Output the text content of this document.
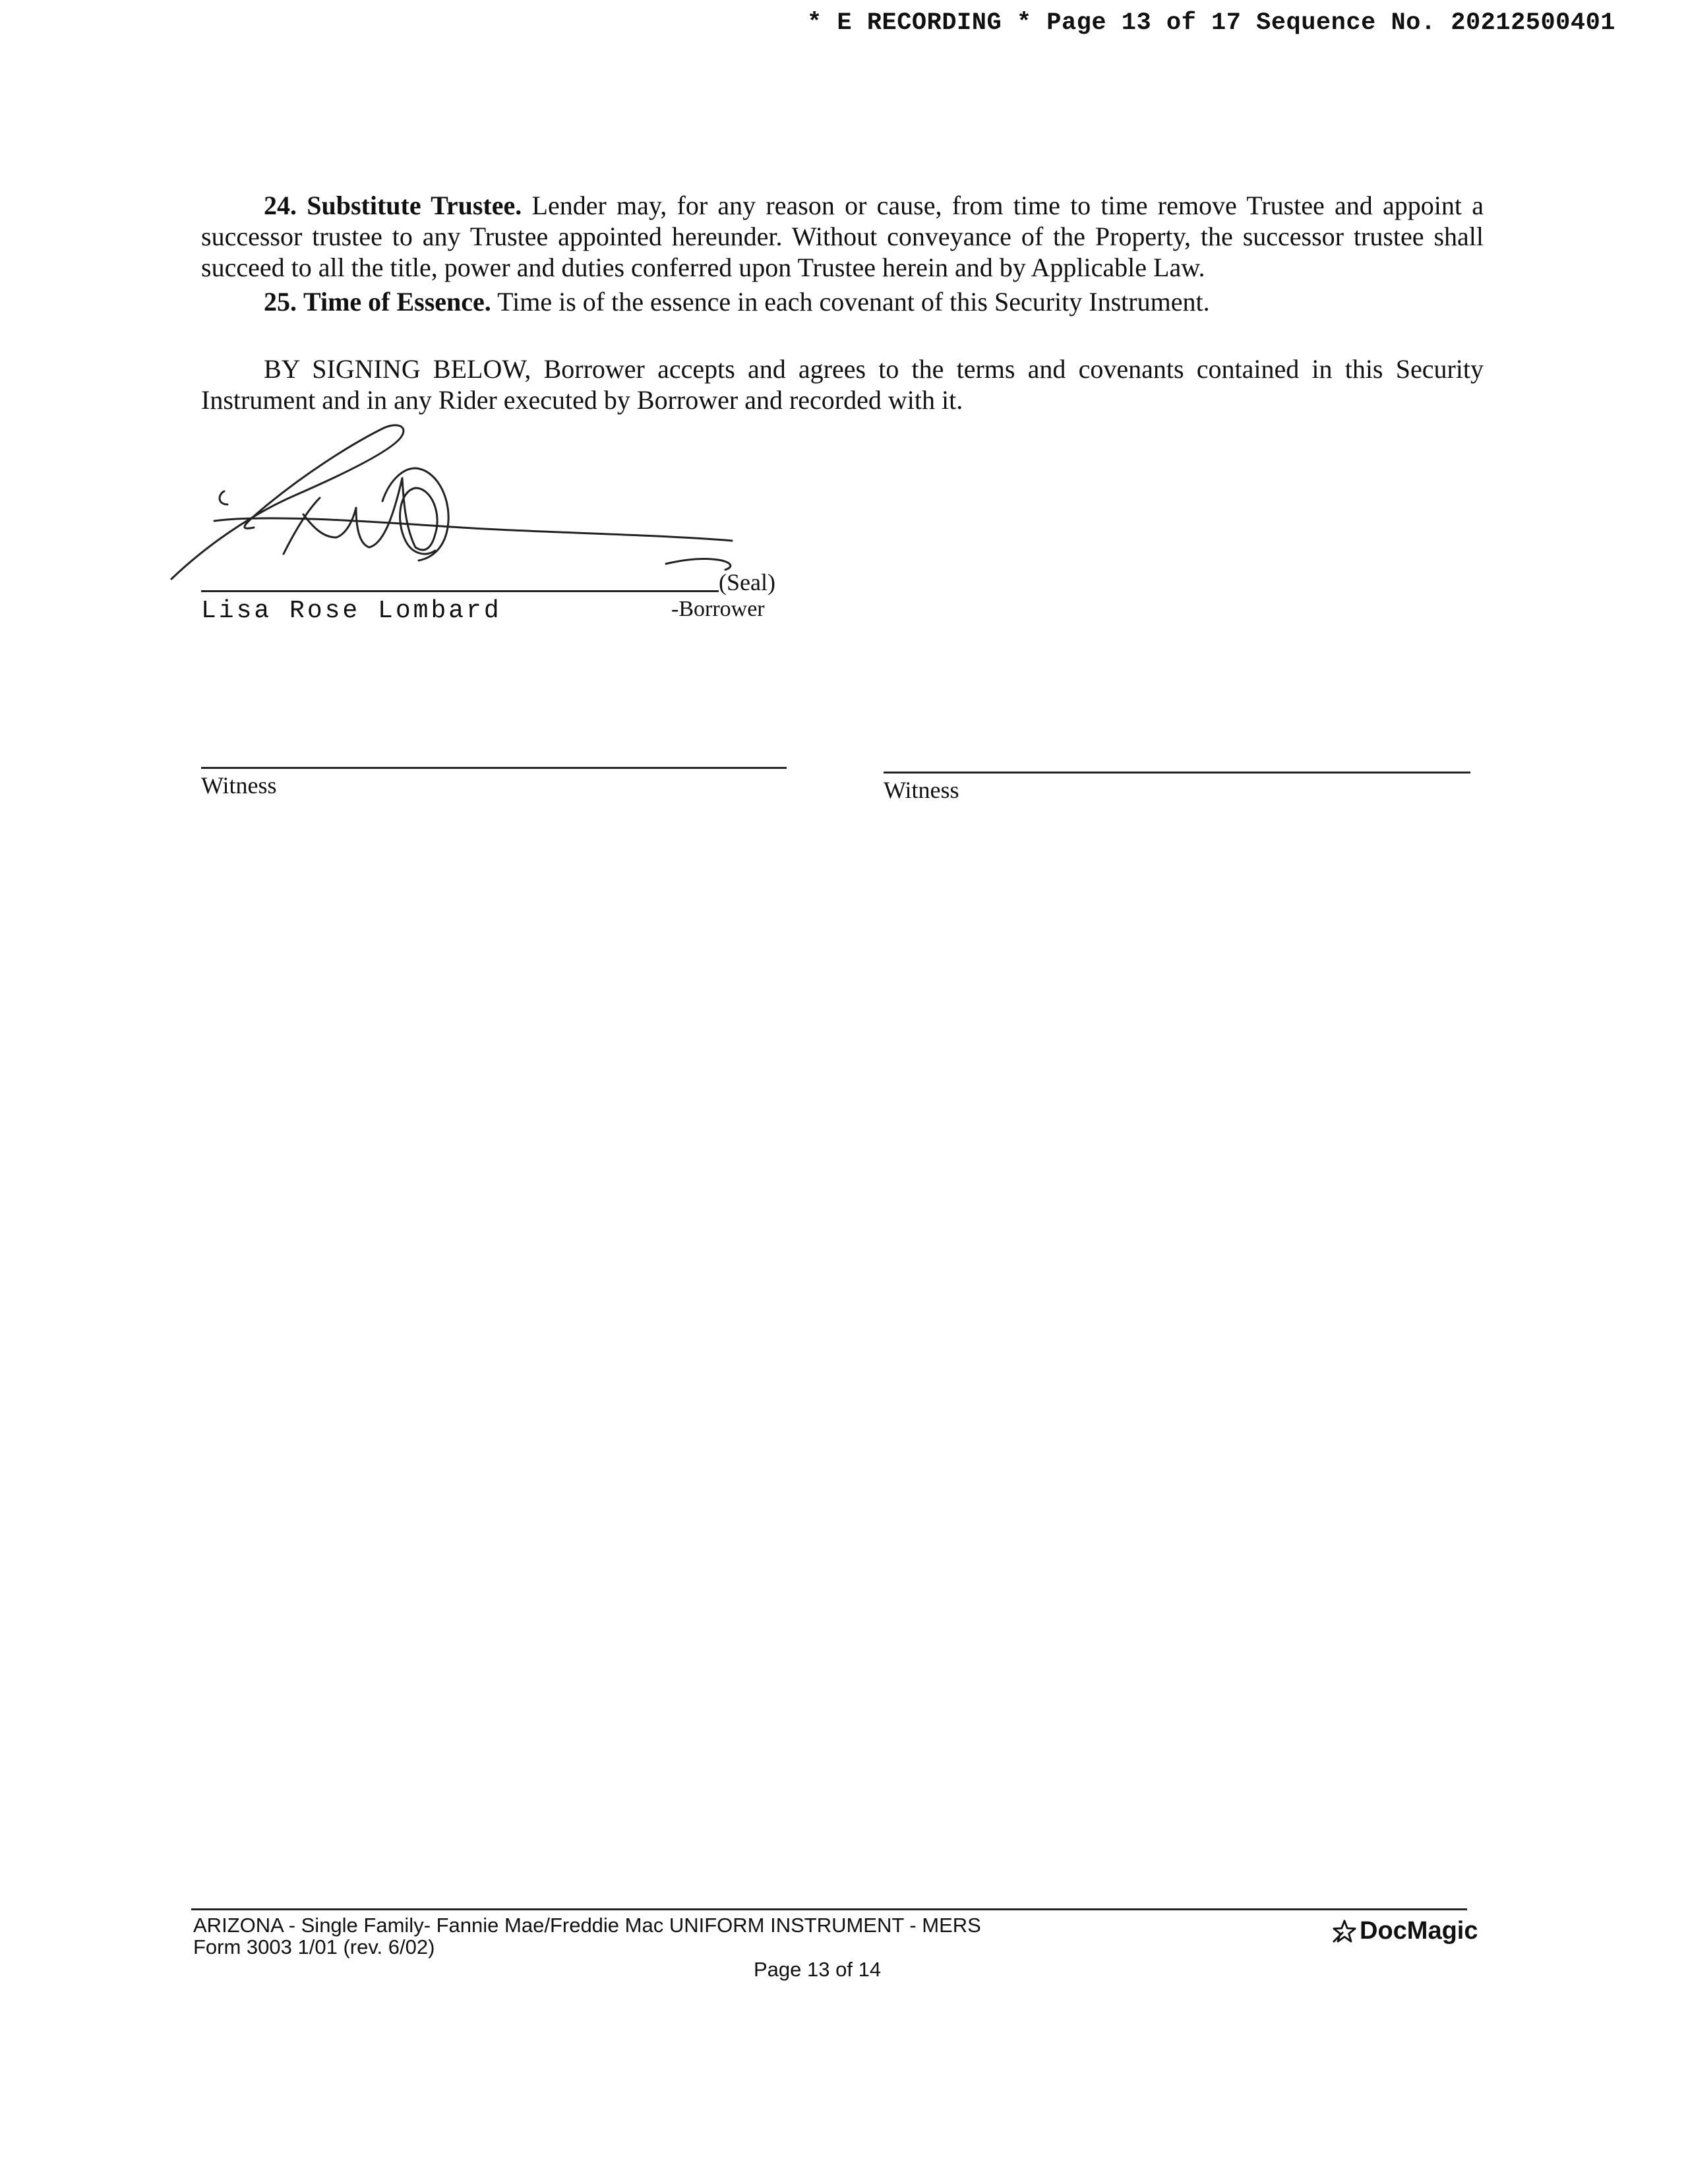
* E RECORDING * Page 13 of 17 Sequence No. 20212500401

24. Substitute Trustee. Lender may, for any reason or cause, from time to time remove Trustee and appoint a successor trustee to any Trustee appointed hereunder. Without conveyance of the Property, the successor trustee shall succeed to all the title, power and duties conferred upon Trustee herein and by Applicable Law.

25. Time of Essence. Time is of the essence in each covenant of this Security Instrument.

BY SIGNING BELOW, Borrower accepts and agrees to the terms and covenants contained in this Security Instrument and in any Rider executed by Borrower and recorded with it.

(Seal)
Lisa Rose Lombard	-Borrower
Witness	Witness
ARIZONA - Single Family- Fannie Mae/Freddie Mac UNIFORM INSTRUMENT - MERS
Form 3003 1/01 (rev. 6/02)
Page 13 of 14
DocMagic
